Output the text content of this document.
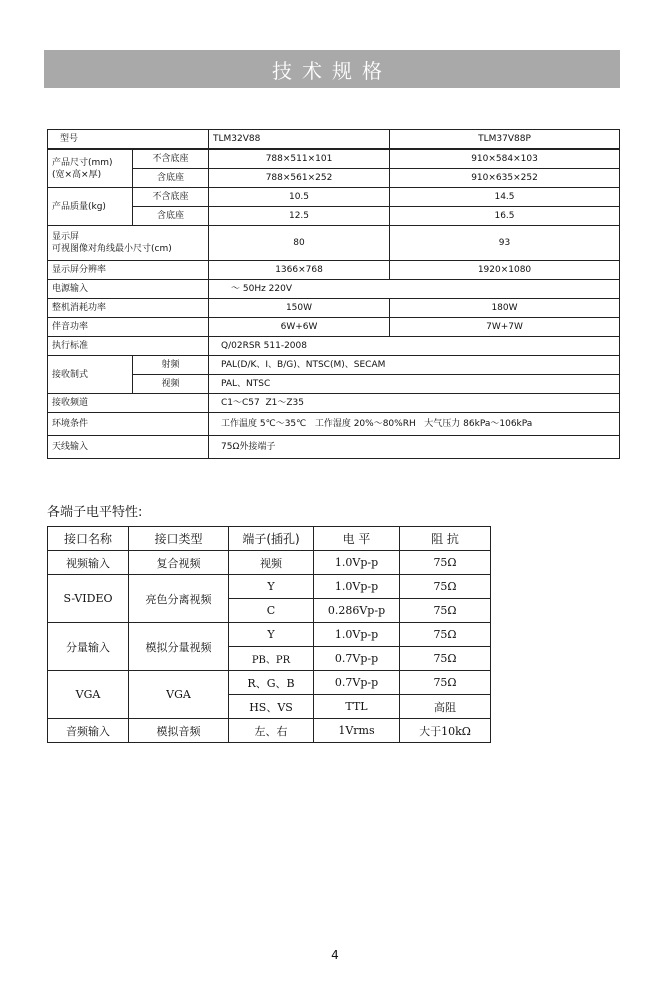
技术规格
型号		TLM32V88	TLM37V88P
产品尺寸(mm)
(宽×高×厚)	不含底座	788×511×101	910×584×103
	含底座	788×561×252	910×635×252
产品质量(kg)	不含底座	10.5	14.5
	含底座	12.5	16.5
显示屏
可视图像对角线最小尺寸(cm)		80	93
显示屏分辨率		1366×768	1920×1080
电源输入		～ 50Hz 220V	
整机消耗功率		150W	180W
伴音功率		6W+6W	7W+7W
执行标准		Q/02RSR 511-2008	
接收制式	射频	PAL(D/K、I、B/G)、NTSC(M)、SECAM	
	视频	PAL、NTSC	
接收频道		C1～C57  Z1～Z35	
环境条件		工作温度 5℃～35℃   工作湿度 20%～80%RH   大气压力 86kPa～106kPa	
天线输入		75Ω外接端子	
各端子电平特性:
接口名称	接口类型	端子(插孔)	电 平	阻 抗
视频输入	复合视频	视频	1.0Vp-p	75Ω
S-VIDEO	亮色分离视频	Y	1.0Vp-p	75Ω
		C	0.286Vp-p	75Ω
分量输入	模拟分量视频	Y	1.0Vp-p	75Ω
		PB、PR	0.7Vp-p	75Ω
VGA	VGA	R、G、B	0.7Vp-p	75Ω
		HS、VS	TTL	高阻
音频输入	模拟音频	左、右	1Vrms	大于10kΩ
4
